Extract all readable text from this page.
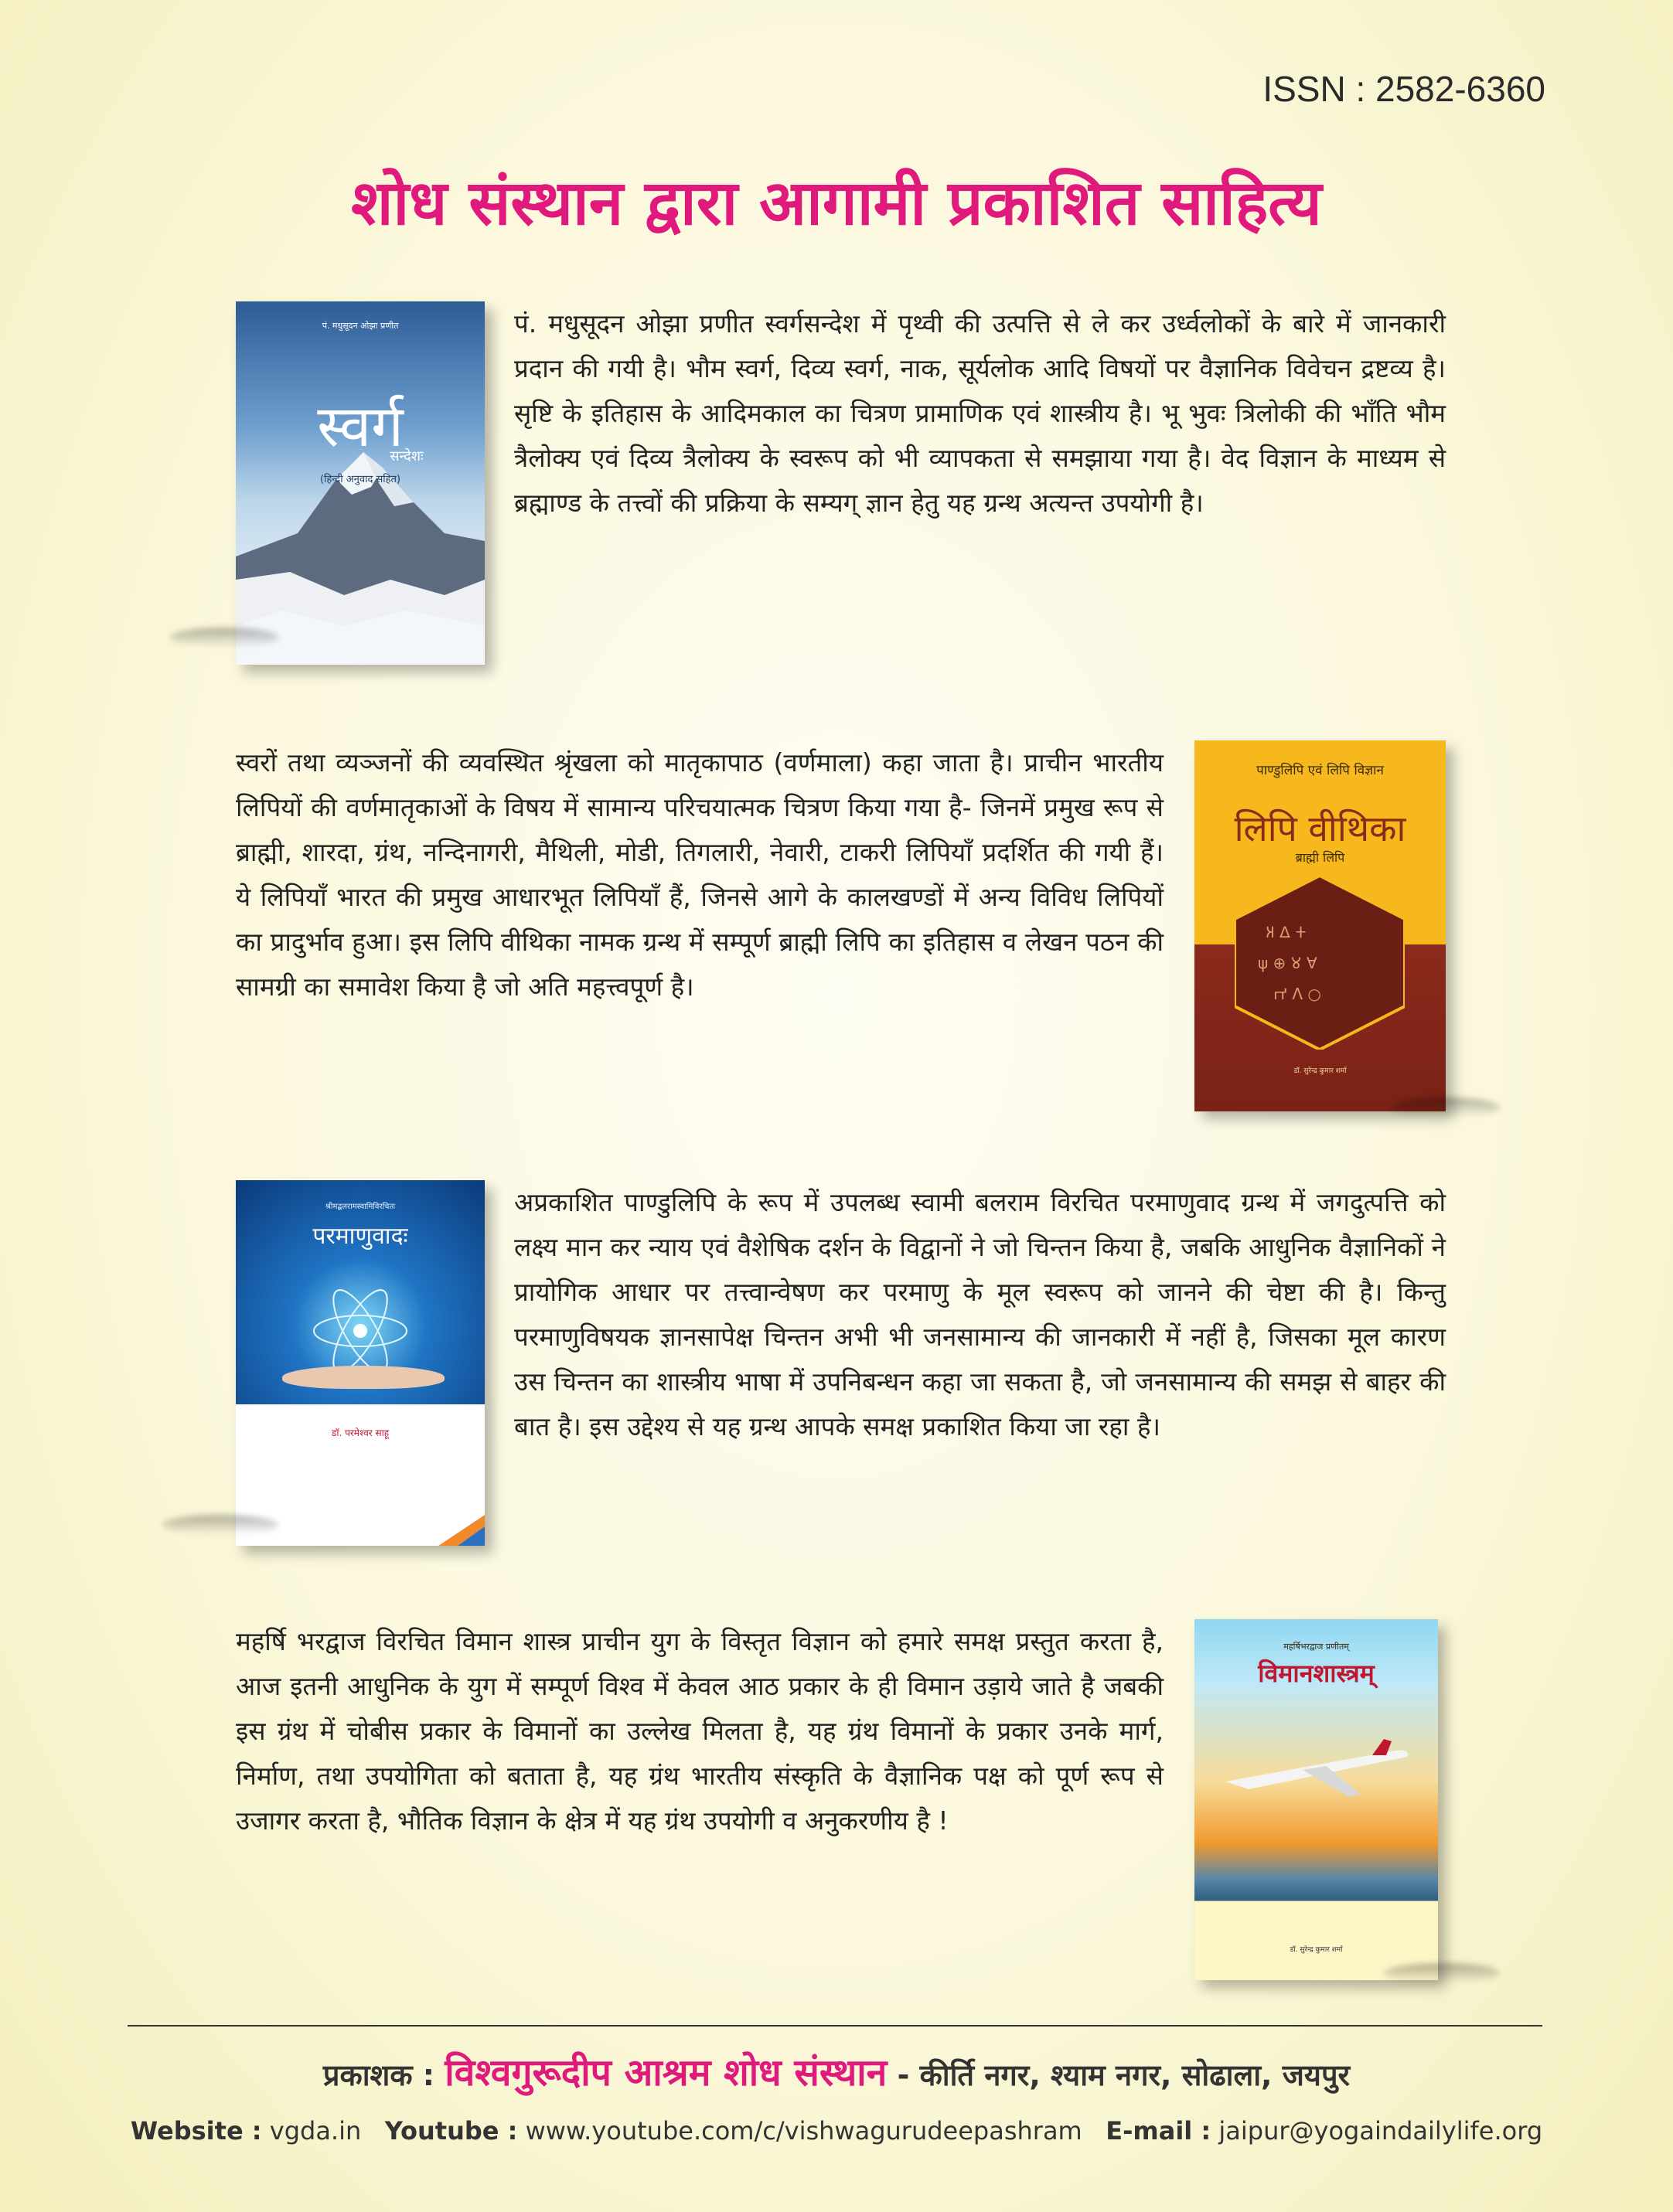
ISSN : 2582-6360
शोध संस्थान द्वारा आगामी प्रकाशित साहित्य
पं. मधुसूदन ओझा प्रणीत
स्वर्ग
सन्देशः
(हिन्दी अनुवाद सहित)

पं. मधुसूदन ओझा प्रणीत स्वर्गसन्देश में पृथ्वी की उत्पत्ति से ले कर उर्ध्वलोकों के बारे में जानकारी प्रदान की गयी है। भौम स्वर्ग, दिव्य स्वर्ग, नाक, सूर्यलोक आदि विषयों पर वैज्ञानिक विवेचन द्रष्टव्य है। सृष्टि के इतिहास के आदिमकाल का चित्रण प्रामाणिक एवं शास्त्रीय है। भू भुवः त्रिलोकी की भाँति भौम त्रैलोक्य एवं दिव्य त्रैलोक्य के स्वरूप को भी व्यापकता से समझाया गया है। वेद विज्ञान के माध्यम से ब्रह्माण्ड के तत्त्वों की प्रक्रिया के सम्यग् ज्ञान हेतु यह ग्रन्थ अत्यन्त उपयोगी है।

स्वरों तथा व्यञ्जनों की व्यवस्थित श्रृंखला को मातृकापाठ (वर्णमाला) कहा जाता है। प्राचीन भारतीय लिपियों की वर्णमातृकाओं के विषय में सामान्य परिचयात्मक चित्रण किया गया है- जिनमें प्रमुख रूप से ब्राह्मी, शारदा, ग्रंथ, नन्दिनागरी, मैथिली, मोडी, तिगलारी, नेवारी, टाकरी लिपियाँ प्रदर्शित की गयी हैं। ये लिपियाँ भारत की प्रमुख आधारभूत लिपियाँ हैं, जिनसे आगे के कालखण्डों में अन्य विविध लिपियों का प्रादुर्भाव हुआ। इस लिपि वीथिका नामक ग्रन्थ में सम्पूर्ण ब्राह्मी लिपि का इतिहास व लेखन पठन की सामग्री का समावेश किया है जो अति महत्त्वपूर्ण है।

पाण्डुलिपि एवं लिपि विज्ञान
लिपि वीथिका
ब्राह्मी लिपि
𑀅 ∆ 𑀓
ψ ⊕ 𑀫 ∀
𑀪 Λ ○
डॉ. सुरेन्द्र कुमार शर्मा
श्रीमद्बलरामस्वामिविरचितः
परमाणुवादः
डॉ. परमेश्वर साहू

अप्रकाशित पाण्डुलिपि के रूप में उपलब्ध स्वामी बलराम विरचित परमाणुवाद ग्रन्थ में जगदुत्पत्ति को लक्ष्य मान कर न्याय एवं वैशेषिक दर्शन के विद्वानों ने जो चिन्तन किया है, जबकि आधुनिक वैज्ञानिकों ने प्रायोगिक आधार पर तत्त्वान्वेषण कर परमाणु के मूल स्वरूप को जानने की चेष्टा की है। किन्तु परमाणुविषयक ज्ञानसापेक्ष चिन्तन अभी भी जनसामान्य की जानकारी में नहीं है, जिसका मूल कारण उस चिन्तन का शास्त्रीय भाषा में उपनिबन्धन कहा जा सकता है, जो जनसामान्य की समझ से बाहर की बात है। इस उद्देश्य से यह ग्रन्थ आपके समक्ष प्रकाशित किया जा रहा है।

महर्षि भरद्वाज विरचित विमान शास्त्र प्राचीन युग के विस्तृत विज्ञान को हमारे समक्ष प्रस्तुत करता है, आज इतनी आधुनिक के युग में सम्पूर्ण विश्व में केवल आठ प्रकार के ही विमान उड़ाये जाते है जबकी इस ग्रंथ में चोबीस प्रकार के विमानों का उल्लेख मिलता है, यह ग्रंथ विमानों के प्रकार उनके मार्ग, निर्माण, तथा उपयोगिता को बताता है, यह ग्रंथ भारतीय संस्कृति के वैज्ञानिक पक्ष को पूर्ण रूप से उजागर करता है, भौतिक विज्ञान के क्षेत्र में यह ग्रंथ उपयोगी व अनुकरणीय है !

महर्षिभरद्वाज प्रणीतम्
विमानशास्त्रम्
डॉ. सुरेन्द्र कुमार शर्मा
प्रकाशक : विश्वगुरूदीप आश्रम शोध संस्थान - कीर्ति नगर, श्याम नगर, सोढाला, जयपुर
Website : vgda.in Youtube : www.youtube.com/c/vishwagurudeepashram E-mail : jaipur@yogaindailylife.org
